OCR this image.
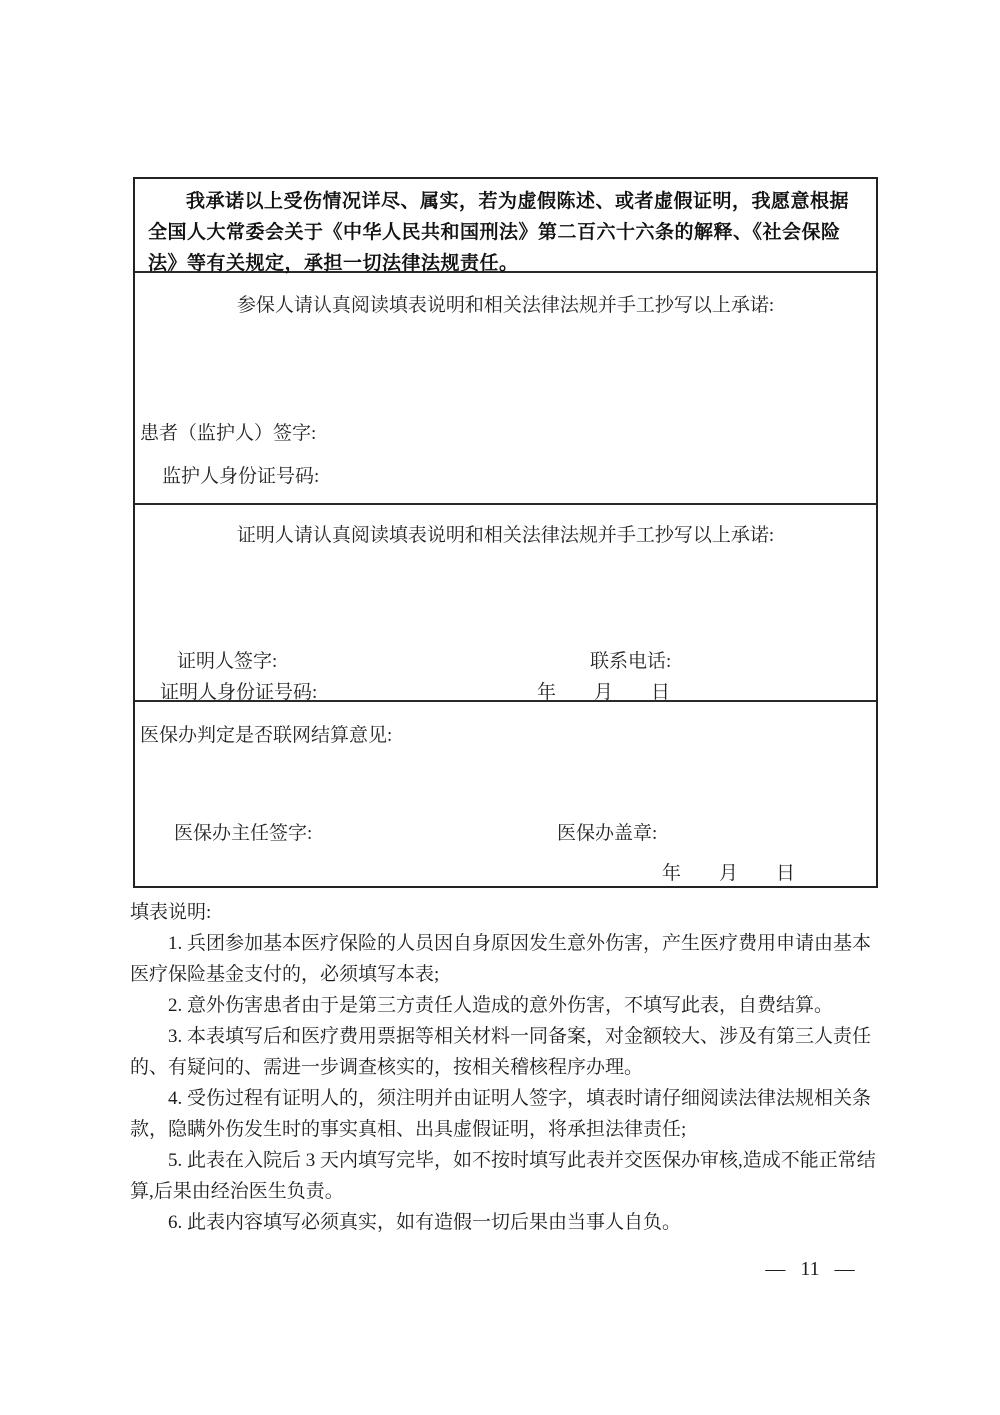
我承诺以上受伤情况详尽、属实，若为虚假陈述、或者虚假证明，我愿意根据全国人大常委会关于《中华人民共和国刑法》第二百六十六条的解释、《社会保险法》等有关规定，承担一切法律法规责任。

参保人请认真阅读填表说明和相关法律法规并手工抄写以上承诺:
患者（监护人）签字:
监护人身份证号码:
证明人请认真阅读填表说明和相关法律法规并手工抄写以上承诺:
证明人签字:	联系电话:
证明人身份证号码:	年　　月　　日
医保办判定是否联网结算意见:
医保办主任签字:	医保办盖章:
年　　月　　日

填表说明:

1. 兵团参加基本医疗保险的人员因自身原因发生意外伤害，产生医疗费用申请由基本医疗保险基金支付的，必须填写本表;

2. 意外伤害患者由于是第三方责任人造成的意外伤害，不填写此表，自费结算。

3. 本表填写后和医疗费用票据等相关材料一同备案，对金额较大、涉及有第三人责任的、有疑问的、需进一步调查核实的，按相关稽核程序办理。

4. 受伤过程有证明人的，须注明并由证明人签字，填表时请仔细阅读法律法规相关条款，隐瞒外伤发生时的事实真相、出具虚假证明，将承担法律责任;

5. 此表在入院后 3 天内填写完毕，如不按时填写此表并交医保办审核,造成不能正常结算,后果由经治医生负责。

6. 此表内容填写必须真实，如有造假一切后果由当事人自负。

— 11 —
